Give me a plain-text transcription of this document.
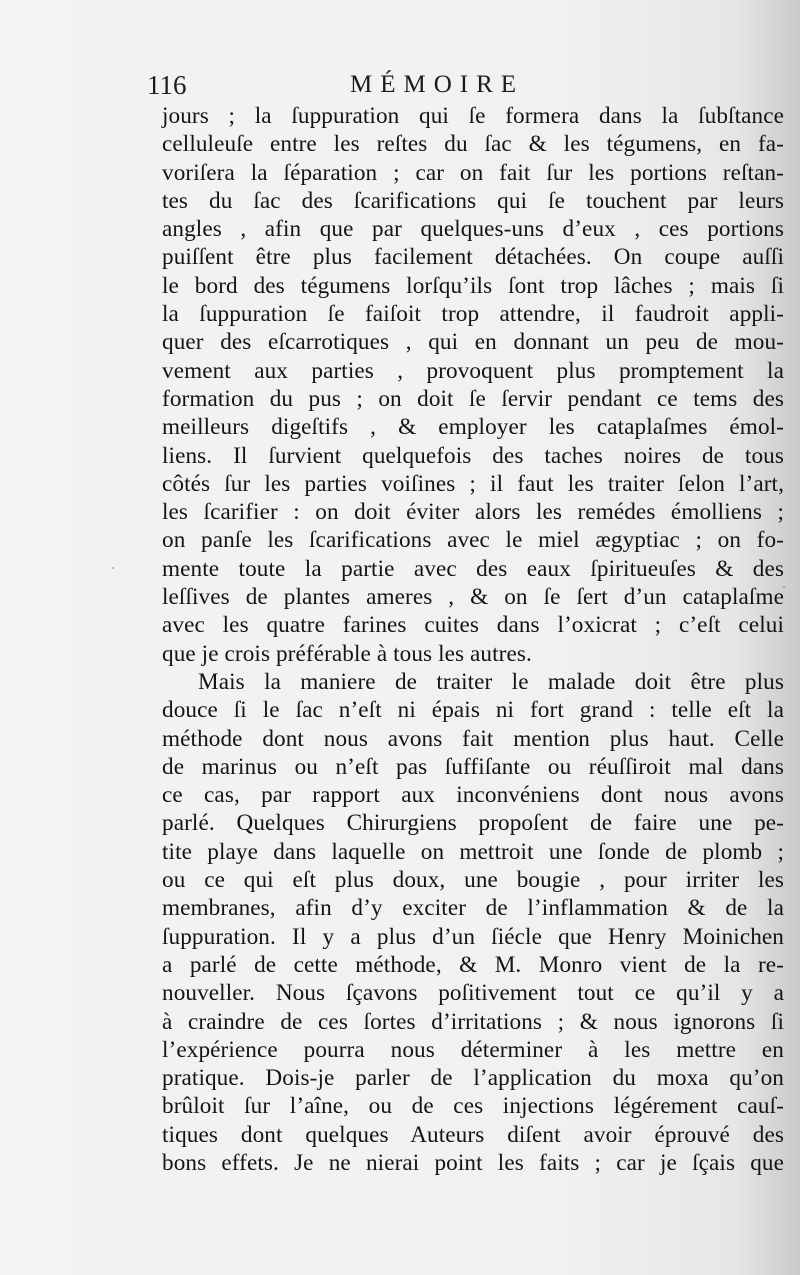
116	MÉMOIRE
jours ; la ſuppuration qui ſe formera dans la ſubſtance
celluleuſe entre les reſtes du ſac & les tégumens, en fa-
voriſera la ſéparation ; car on fait ſur les portions reſtan-
tes du ſac des ſcarifications qui ſe touchent par leurs
angles , afin que par quelques-uns d’eux , ces portions
puiſſent être plus facilement détachées. On coupe auſſi
le bord des tégumens lorſqu’ils ſont trop lâches ; mais ſi
la ſuppuration ſe faiſoit trop attendre, il faudroit appli-
quer des eſcarrotiques , qui en donnant un peu de mou-
vement aux parties , provoquent plus promptement la
formation du pus ; on doit ſe ſervir pendant ce tems des
meilleurs digeſtifs , & employer les cataplaſmes émol-
liens. Il ſurvient quelquefois des taches noires de tous
côtés ſur les parties voiſines ; il faut les traiter ſelon l’art,
les ſcarifier : on doit éviter alors les remédes émolliens ;
on panſe les ſcarifications avec le miel ægyptiac ; on fo-
mente toute la partie avec des eaux ſpiritueuſes & des
leſſives de plantes ameres , & on ſe ſert d’un cataplaſme
avec les quatre farines cuites dans l’oxicrat ; c’eſt celui
que je crois préférable à tous les autres.
Mais la maniere de traiter le malade doit être plus
douce ſi le ſac n’eſt ni épais ni fort grand : telle eſt la
méthode dont nous avons fait mention plus haut. Celle
de marinus ou n’eſt pas ſuffiſante ou réuſſiroit mal dans
ce cas, par rapport aux inconvéniens dont nous avons
parlé. Quelques Chirurgiens propoſent de faire une pe-
tite playe dans laquelle on mettroit une ſonde de plomb ;
ou ce qui eſt plus doux, une bougie , pour irriter les
membranes, afin d’y exciter de l’inflammation & de la
ſuppuration. Il y a plus d’un ſiécle que Henry Moinichen
a parlé de cette méthode, & M. Monro vient de la re-
nouveller. Nous ſçavons poſitivement tout ce qu’il y a
à craindre de ces ſortes d’irritations ; & nous ignorons ſi
l’expérience pourra nous déterminer à les mettre en
pratique. Dois-je parler de l’application du moxa qu’on
brûloit ſur l’aîne, ou de ces injections légérement cauſ-
tiques dont quelques Auteurs diſent avoir éprouvé des
bons effets. Je ne nierai point les faits ; car je ſçais que
